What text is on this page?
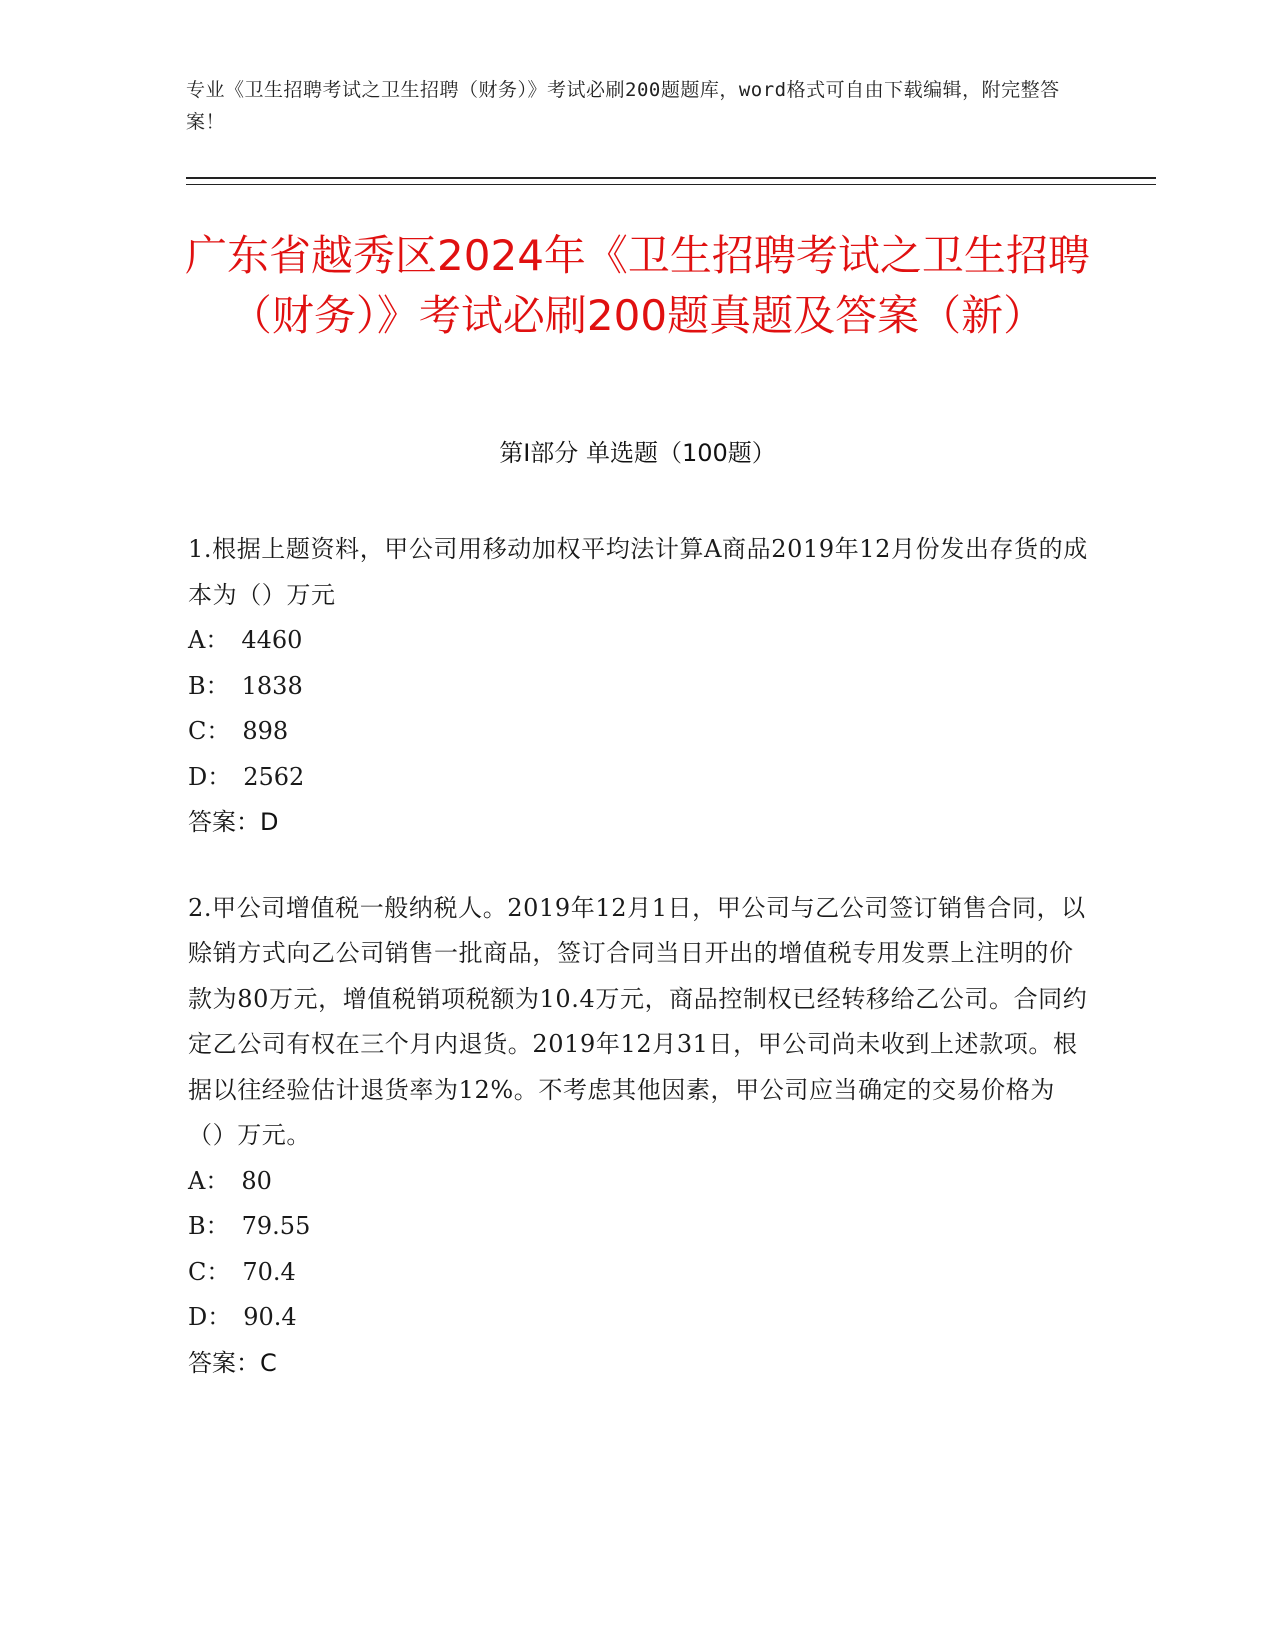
专业《卫生招聘考试之卫生招聘（财务）》考试必刷200题题库，word格式可自由下载编辑，附完整答案！
广东省越秀区2024年《卫生招聘考试之卫生招聘（财务）》考试必刷200题真题及答案（新）
第I部分 单选题（100题）

1.根据上题资料，甲公司用移动加权平均法计算A商品2019年12月份发出存货的成本为（）万元

A： 4460

B： 1838

C： 898

D： 2562

答案：D

2.甲公司增值税一般纳税人。2019年12月1日，甲公司与乙公司签订销售合同，以赊销方式向乙公司销售一批商品，签订合同当日开出的增值税专用发票上注明的价款为80万元，增值税销项税额为10.4万元，商品控制权已经转移给乙公司。合同约定乙公司有权在三个月内退货。2019年12月31日，甲公司尚未收到上述款项。根据以往经验估计退货率为12%。不考虑其他因素，甲公司应当确定的交易价格为（）万元。

A： 80

B： 79.55

C： 70.4

D： 90.4

答案：C
